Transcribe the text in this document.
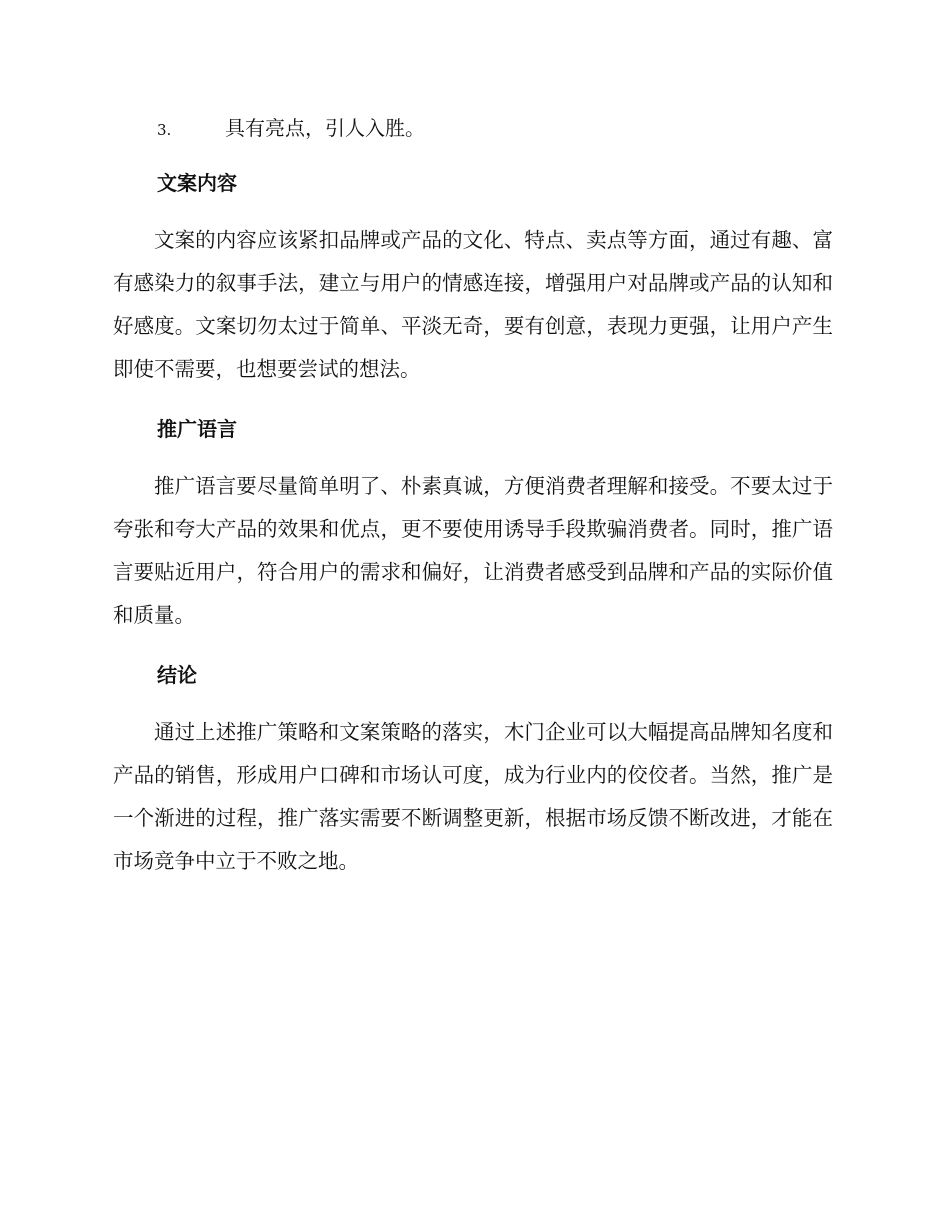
3.	具有亮点，引人入胜。
文案内容

文案的内容应该紧扣品牌或产品的文化、特点、卖点等方面，通过有趣、富有感染力的叙事手法，建立与用户的情感连接，增强用户对品牌或产品的认知和好感度。文案切勿太过于简单、平淡无奇，要有创意，表现力更强，让用户产生即使不需要，也想要尝试的想法。

推广语言

推广语言要尽量简单明了、朴素真诚，方便消费者理解和接受。不要太过于夸张和夸大产品的效果和优点，更不要使用诱导手段欺骗消费者。同时，推广语言要贴近用户，符合用户的需求和偏好，让消费者感受到品牌和产品的实际价值和质量。

结论

通过上述推广策略和文案策略的落实，木门企业可以大幅提高品牌知名度和产品的销售，形成用户口碑和市场认可度，成为行业内的佼佼者。当然，推广是一个渐进的过程，推广落实需要不断调整更新，根据市场反馈不断改进，才能在市场竞争中立于不败之地。
